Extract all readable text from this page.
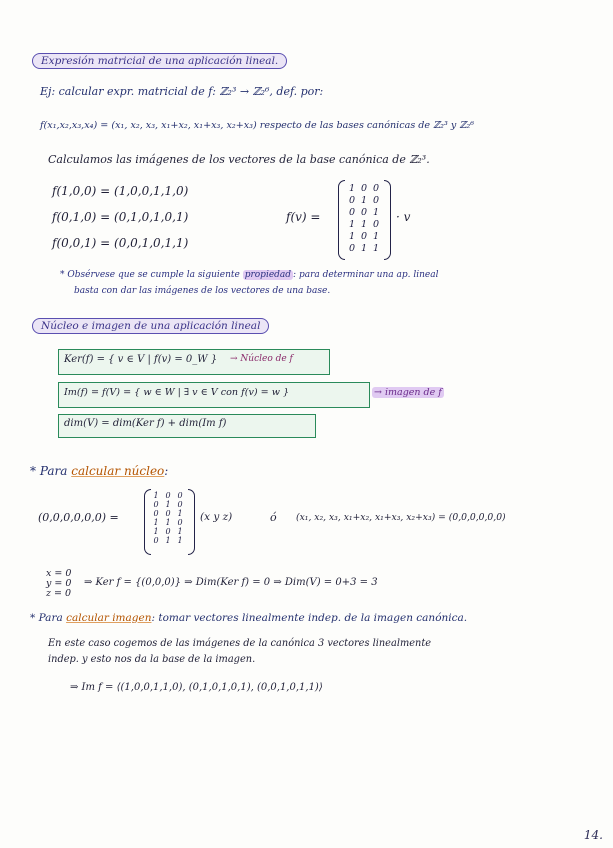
Expresión matricial de una aplicación lineal.
Ej: calcular expr. matricial de f: ℤ₂³ → ℤ₂⁶, def. por:
f(x₁,x₂,x₃,x₄) = (x₁, x₂, x₃, x₁+x₂, x₁+x₃, x₂+x₃) respecto de las bases canónicas de ℤ₂³ y ℤ₂⁶
Calculamos las imágenes de los vectores de la base canónica de ℤ₂³.
f(1,0,0) = (1,0,0,1,1,0)
f(0,1,0) = (0,1,0,1,0,1)
f(0,0,1) = (0,0,1,0,1,1)
f(v) =
1 0 0
0 1 0
0 0 1
1 1 0
1 0 1
0 1 1
· v
* Obsérvese que se cumple la siguiente propiedad : para determinar una ap. lineal
basta con dar las imágenes de los vectores de una base.
Núcleo e imagen de una aplicación lineal
Ker(f) = { v ∈ V | f(v) = 0_W } → Núcleo de f
Im(f) = f(V) = { w ∈ W | ∃ v ∈ V con f(v) = w }	→ imagen de f
dim(V) = dim(Ker f) + dim(Im f)
* Para calcular núcleo:
(0,0,0,0,0,0) =
1 0 0
0 1 0
0 0 1
1 1 0
1 0 1
0 1 1
(x y z)	ó (x₁, x₂, x₃, x₁+x₂, x₁+x₃, x₂+x₃) = (0,0,0,0,0,0)
x = 0
y = 0
z = 0
⇒ Ker f = {(0,0,0)} ⇒ Dim(Ker f) = 0 ⇒ Dim(V) = 0+3 = 3
* Para calcular imagen: tomar vectores linealmente indep. de la imagen canónica.
En este caso cogemos de las imágenes de la canónica 3 vectores linealmente
indep. y esto nos da la base de la imagen.
⇒ Im f = ⟨(1,0,0,1,1,0), (0,1,0,1,0,1), (0,0,1,0,1,1)⟩
14.
